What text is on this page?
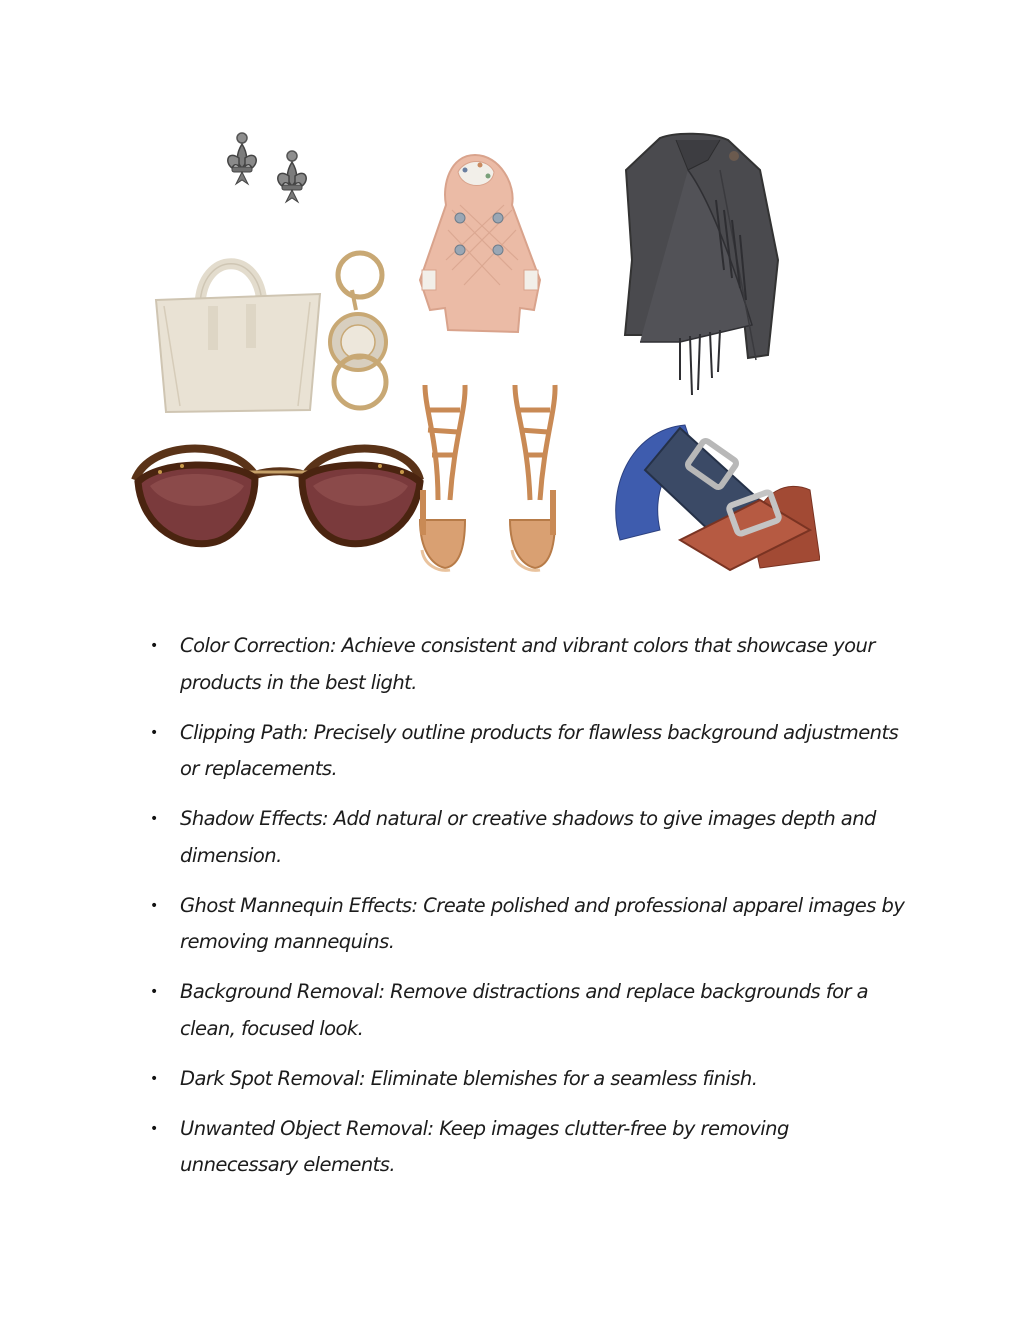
• Color Correction: Achieve consistent and vibrant colors that showcase your products in the best light.
• Clipping Path: Precisely outline products for flawless background adjustments or replacements.
• Shadow Effects: Add natural or creative shadows to give images depth and dimension.
• Ghost Mannequin Effects: Create polished and professional apparel images by removing mannequins.
• Background Removal: Remove distractions and replace backgrounds for a clean, focused look.
• Dark Spot Removal: Eliminate blemishes for a seamless finish.
• Unwanted Object Removal: Keep images clutter-free by removing unnecessary elements.
